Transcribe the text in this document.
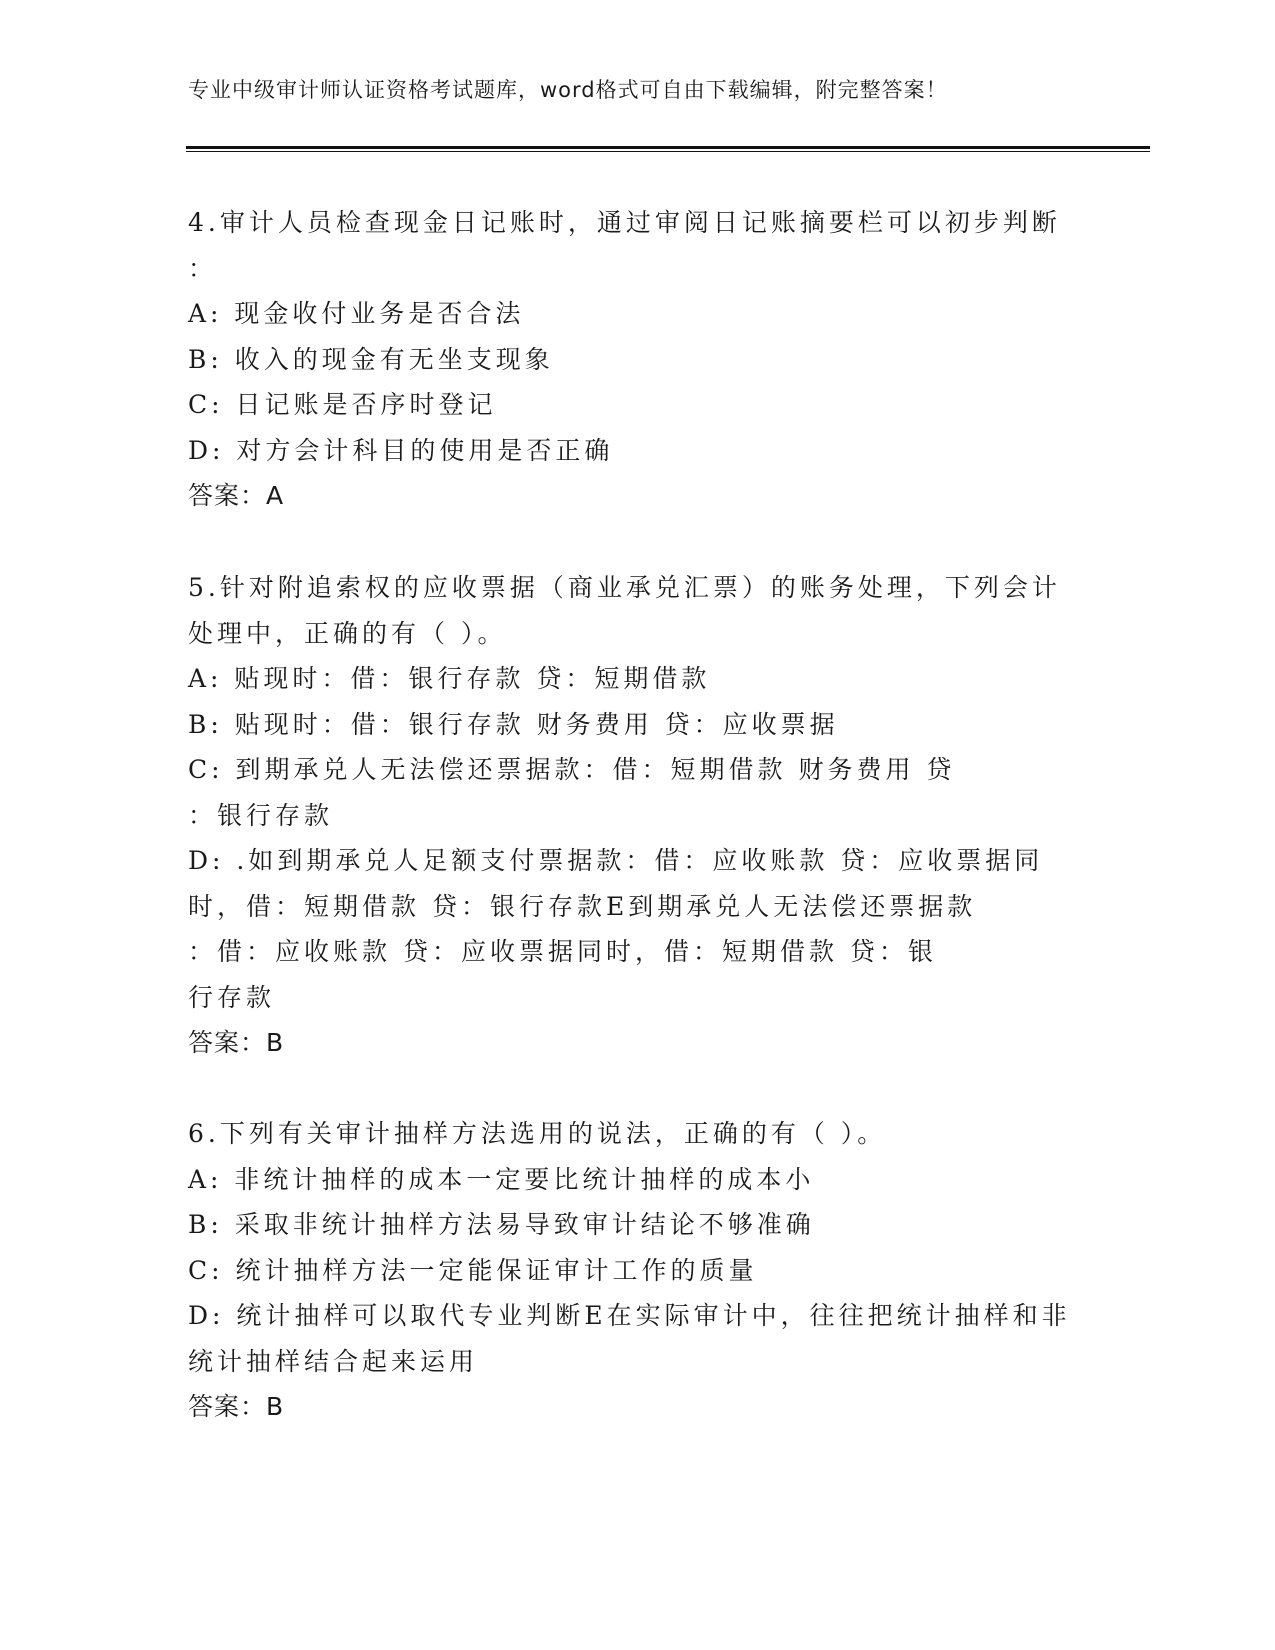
专业中级审计师认证资格考试题库，word格式可自由下载编辑，附完整答案！
4.审计人员检查现金日记账时，通过审阅日记账摘要栏可以初步判断
：
A: 现金收付业务是否合法
B: 收入的现金有无坐支现象
C: 日记账是否序时登记
D: 对方会计科目的使用是否正确
答案：A
5.针对附追索权的应收票据（商业承兑汇票）的账务处理，下列会计
处理中，正确的有（ ）。
A: 贴现时：借：银行存款 贷：短期借款
B: 贴现时：借：银行存款 财务费用 贷：应收票据
C: 到期承兑人无法偿还票据款：借：短期借款 财务费用 贷
：银行存款
D: .如到期承兑人足额支付票据款：借：应收账款 贷：应收票据同
时，借：短期借款 贷：银行存款E到期承兑人无法偿还票据款
：借：应收账款 贷：应收票据同时，借：短期借款 贷：银
行存款
答案：B
6.下列有关审计抽样方法选用的说法，正确的有（ ）。
A: 非统计抽样的成本一定要比统计抽样的成本小
B: 采取非统计抽样方法易导致审计结论不够准确
C: 统计抽样方法一定能保证审计工作的质量
D: 统计抽样可以取代专业判断E在实际审计中，往往把统计抽样和非
统计抽样结合起来运用
答案：B
